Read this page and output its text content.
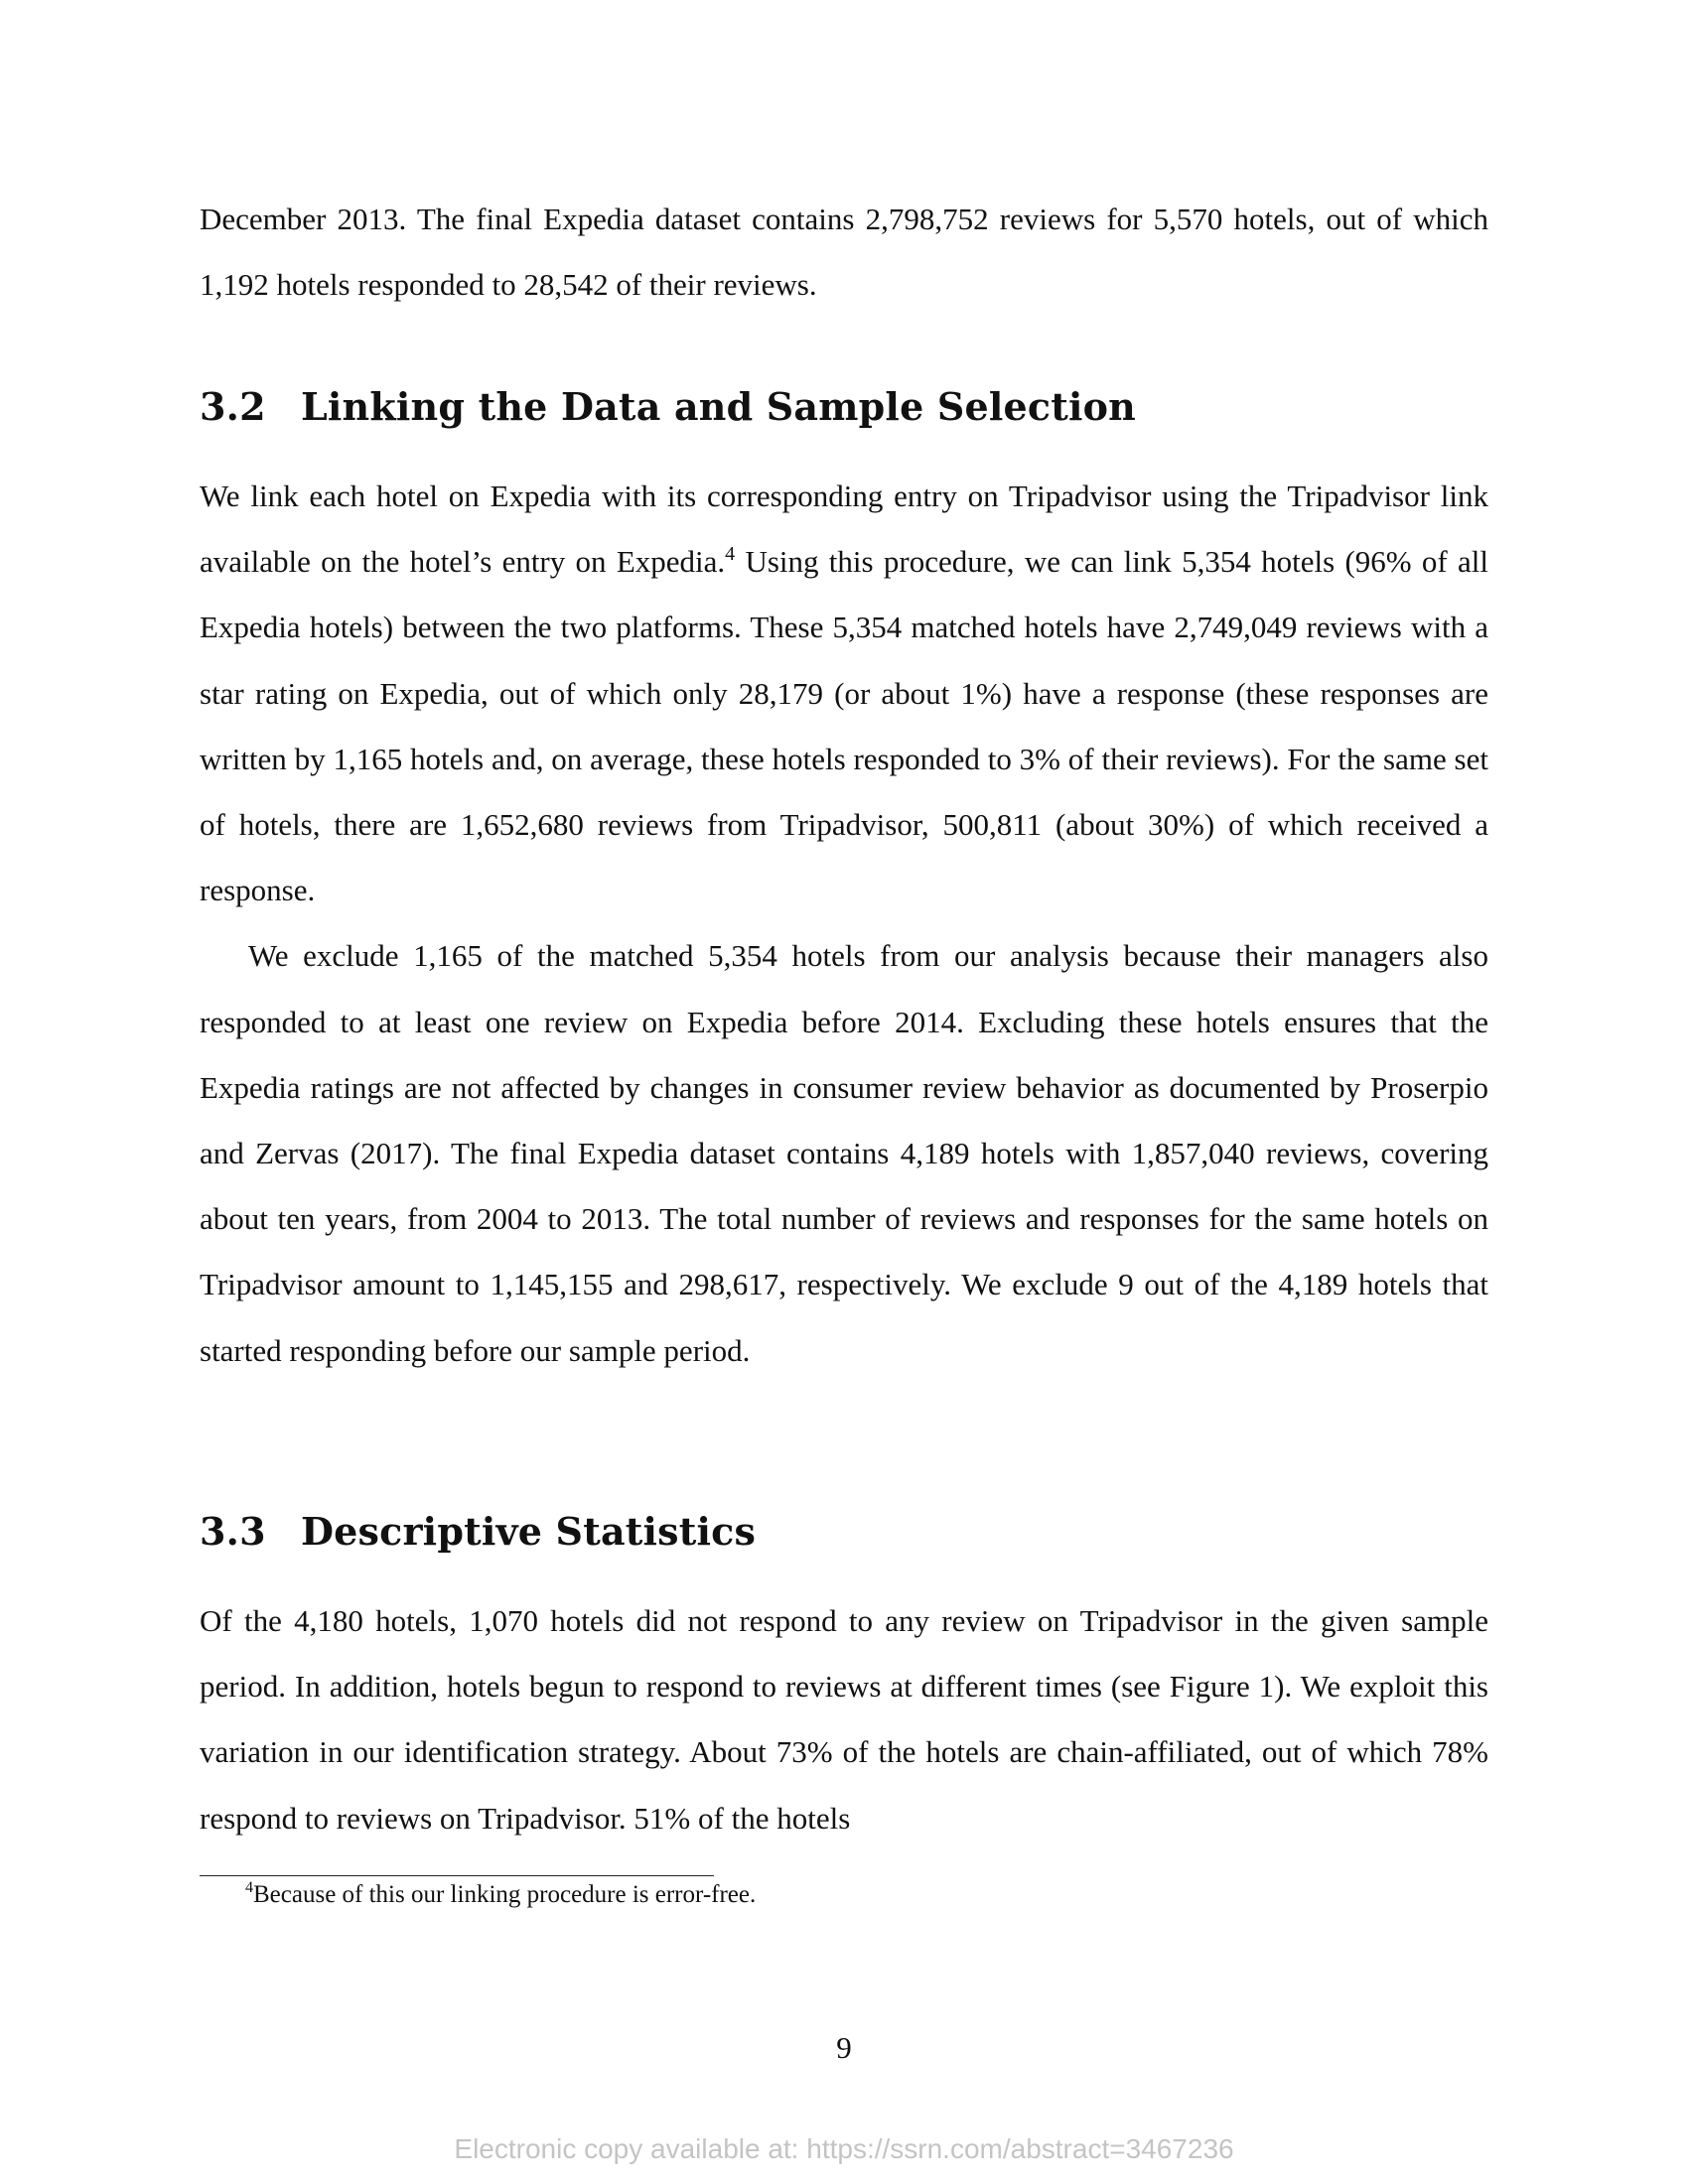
December 2013. The final Expedia dataset contains 2,798,752 reviews for 5,570 hotels, out of which 1,192 hotels responded to 28,542 of their reviews.

3.2 Linking the Data and Sample Selection

We link each hotel on Expedia with its corresponding entry on Tripadvisor using the Tripadvisor link available on the hotel’s entry on Expedia.$^4$ Using this procedure, we can link 5,354 hotels (96% of all Expedia hotels) between the two platforms. These 5,354 matched hotels have 2,749,049 reviews with a star rating on Expedia, out of which only 28,179 (or about 1%) have a response (these responses are written by 1,165 hotels and, on average, these hotels responded to 3% of their reviews). For the same set of hotels, there are 1,652,680 reviews from Tripadvisor, 500,811 (about 30%) of which received a response.

We exclude 1,165 of the matched 5,354 hotels from our analysis because their managers also responded to at least one review on Expedia before 2014. Excluding these hotels ensures that the Expedia ratings are not affected by changes in consumer review behavior as documented by Proserpio and Zervas (2017). The final Expedia dataset contains 4,189 hotels with 1,857,040 reviews, covering about ten years, from 2004 to 2013. The total number of reviews and responses for the same hotels on Tripadvisor amount to 1,145,155 and 298,617, respectively. We exclude 9 out of the 4,189 hotels that started responding before our sample period.

3.3 Descriptive Statistics

Of the 4,180 hotels, 1,070 hotels did not respond to any review on Tripadvisor in the given sample period. In addition, hotels begun to respond to reviews at different times (see Figure 1). We exploit this variation in our identification strategy. About 73% of the hotels are chain-affiliated, out of which 78% respond to reviews on Tripadvisor. 51% of the hotels

$^4$Because of this our linking procedure is error-free.
9
Electronic copy available at: https://ssrn.com/abstract=3467236
